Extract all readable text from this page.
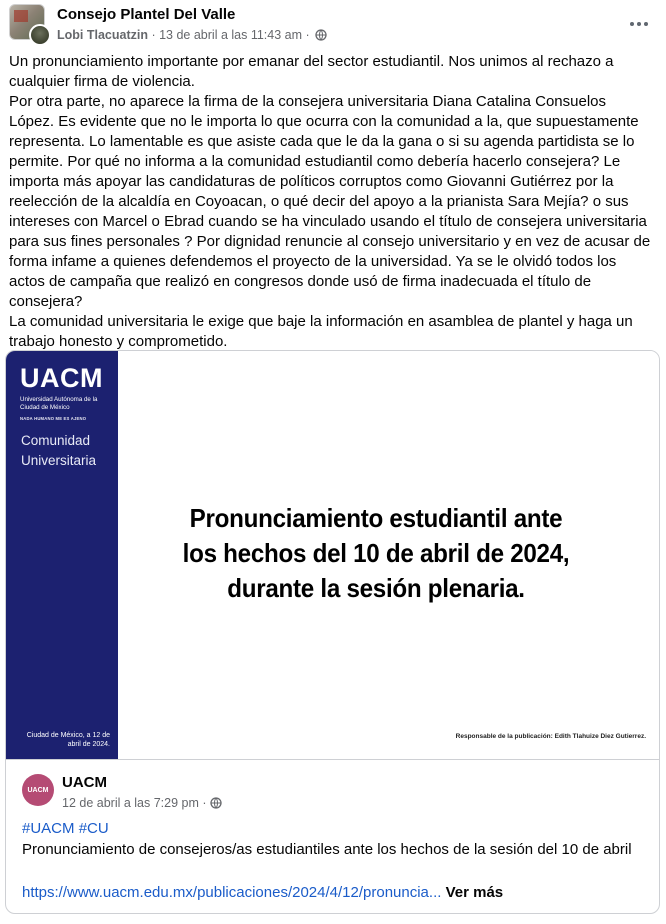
Consejo Plantel Del Valle
Lobi Tlacuatzin · 13 de abril a las 11:43 am ·

Un pronunciamiento importante por emanar del sector estudiantil. Nos unimos al rechazo a cualquier firma de violencia.

Por otra parte, no aparece la firma de la consejera universitaria Diana Catalina Consuelos López. Es evidente que no le importa lo que ocurra con la comunidad a la, que supuestamente representa. Lo lamentable es que asiste cada que le da la gana o si su agenda partidista se lo permite. Por qué no informa a la comunidad estudiantil como debería hacerlo consejera? Le importa más apoyar las candidaturas de políticos corruptos como Giovanni Gutiérrez por la reelección de la alcaldía en Coyoacan, o qué decir del apoyo a la prianista Sara Mejía? o sus intereses con Marcel o Ebrad cuando se ha vinculado usando el título de consejera universitaria para sus fines personales ? Por dignidad renuncie al consejo universitario y en vez de acusar de forma infame a quienes defendemos el proyecto de la universidad. Ya se le olvidó todos los actos de campaña que realizó en congresos donde usó de firma inadecuada el título de consejera?

La comunidad universitaria le exige que baje la información en asamblea de plantel y haga un trabajo honesto y comprometido.

UACM
Universidad Autónoma de la Ciudad de México
NADA HUMANO ME ES AJENO
Comunidad Universitaria
Ciudad de México, a 12 de abril de 2024.
Pronunciamiento estudiantil ante los hechos del 10 de abril de 2024, durante la sesión plenaria.
Responsable de la publicación: Edith Tlahuize Diez Gutierrez.
UACM UACM
12 de abril a las 7:29 pm ·
#UACM #CU
Pronunciamiento de consejeros/as estudiantiles ante los hechos de la sesión del 10 de abril
https://www.uacm.edu.mx/publicaciones/2024/4/12/pronuncia... Ver más
